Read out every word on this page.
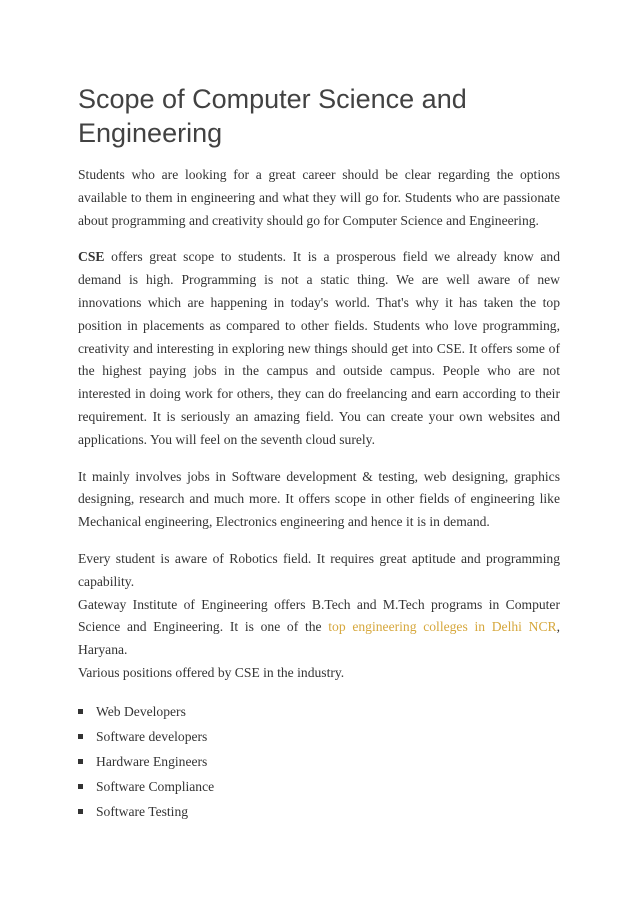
Scope of Computer Science and Engineering

Students who are looking for a great career should be clear regarding the options available to them in engineering and what they will go for. Students who are passionate about programming and creativity should go for Computer Science and Engineering.

CSE offers great scope to students. It is a prosperous field we already know and demand is high. Programming is not a static thing. We are well aware of new innovations which are happening in today's world. That's why it has taken the top position in placements as compared to other fields. Students who love programming, creativity and interesting in exploring new things should get into CSE. It offers some of the highest paying jobs in the campus and outside campus. People who are not interested in doing work for others, they can do freelancing and earn according to their requirement. It is seriously an amazing field. You can create your own websites and applications. You will feel on the seventh cloud surely.

It mainly involves jobs in Software development & testing, web designing, graphics designing, research and much more. It offers scope in other fields of engineering like Mechanical engineering, Electronics engineering and hence it is in demand.

Every student is aware of Robotics field. It requires great aptitude and programming capability.

Gateway Institute of Engineering offers B.Tech and M.Tech programs in Computer Science and Engineering. It is one of the top engineering colleges in Delhi NCR, Haryana.

Various positions offered by CSE in the industry.

Web Developers
Software developers
Hardware Engineers
Software Compliance
Software Testing
